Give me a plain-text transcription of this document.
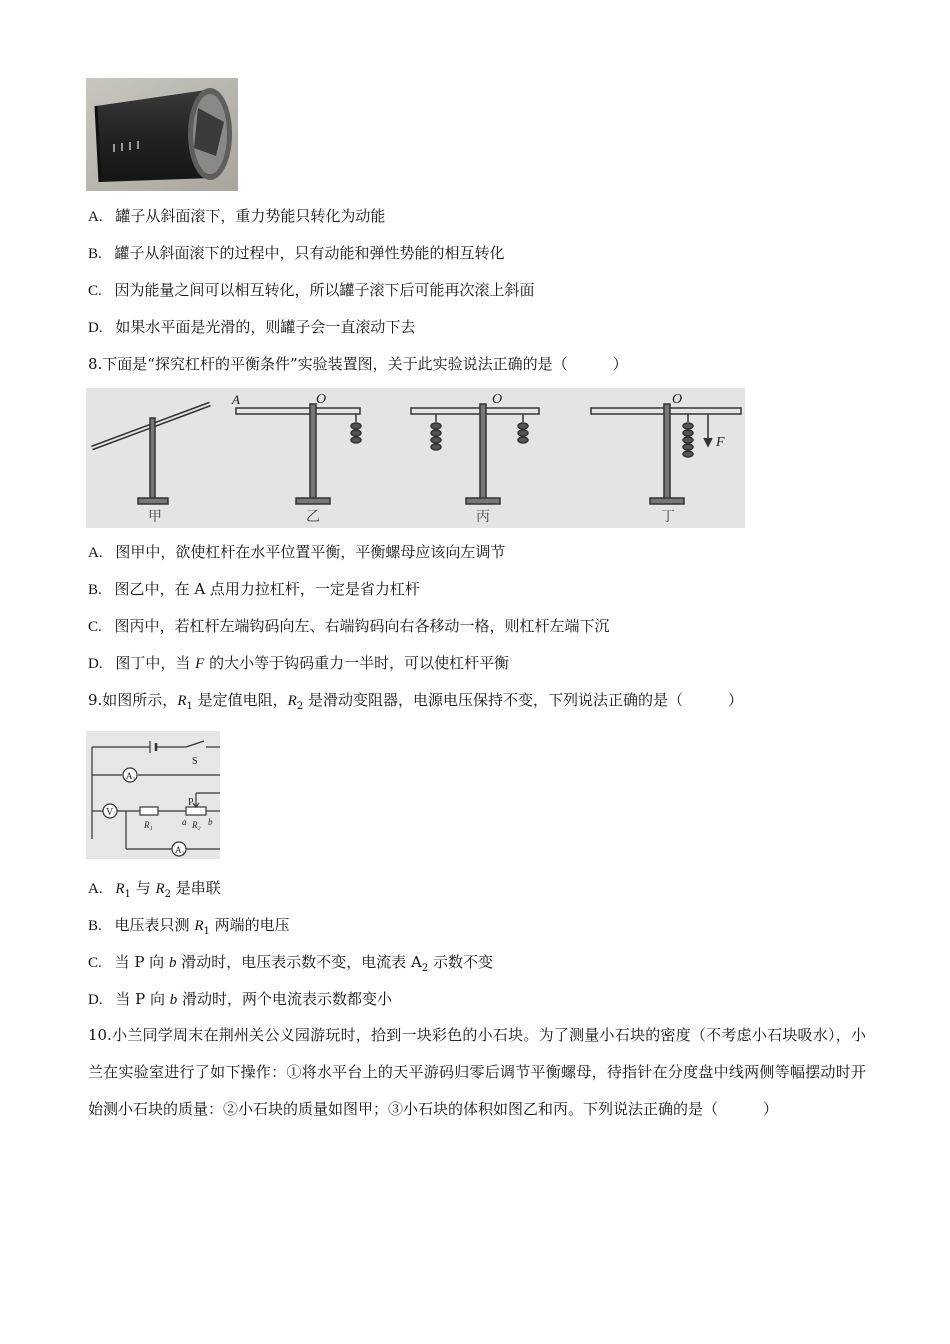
A. 罐子从斜面滚下，重力势能只转化为动能
B. 罐子从斜面滚下的过程中，只有动能和弹性势能的相互转化
C. 因为能量之间可以相互转化，所以罐子滚下后可能再次滚上斜面
D. 如果水平面是光滑的，则罐子会一直滚动下去
8.下面是“探究杠杆的平衡条件”实验装置图，关于此实验说法正确的是（　　　）
A	O	O	O
F
甲	乙	丙	丁
A. 图甲中，欲使杠杆在水平位置平衡，平衡螺母应该向左调节
B. 图乙中，在 A 点用力拉杠杆，一定是省力杠杆
C. 图丙中，若杠杆左端钩码向左、右端钩码向右各移动一格，则杠杆左端下沉
D. 图丁中，当 F 的大小等于钩码重力一半时，可以使杠杆平衡
9.如图所示，$R_1$ 是定值电阻，$R_2$ 是滑动变阻器，电源电压保持不变，下列说法正确的是（　　　）
S
A₁
V
P
R₁	a R₂ b
A₂
A. $R_1$ 与 $R_2$ 是串联
B. 电压表只测 $R_1$ 两端的电压
C. 当 P 向 b 滑动时，电压表示数不变，电流表 $A_2$ 示数不变
D. 当 P 向 b 滑动时，两个电流表示数都变小
10.小兰同学周末在荆州关公义园游玩时，拾到一块彩色的小石块。为了测量小石块的密度（不考虑小石块吸水），小兰在实验室进行了如下操作：①将水平台上的天平游码归零后调节平衡螺母，待指针在分度盘中线两侧等幅摆动时开始测小石块的质量：②小石块的质量如图甲；③小石块的体积如图乙和丙。下列说法正确的是（　　　）
